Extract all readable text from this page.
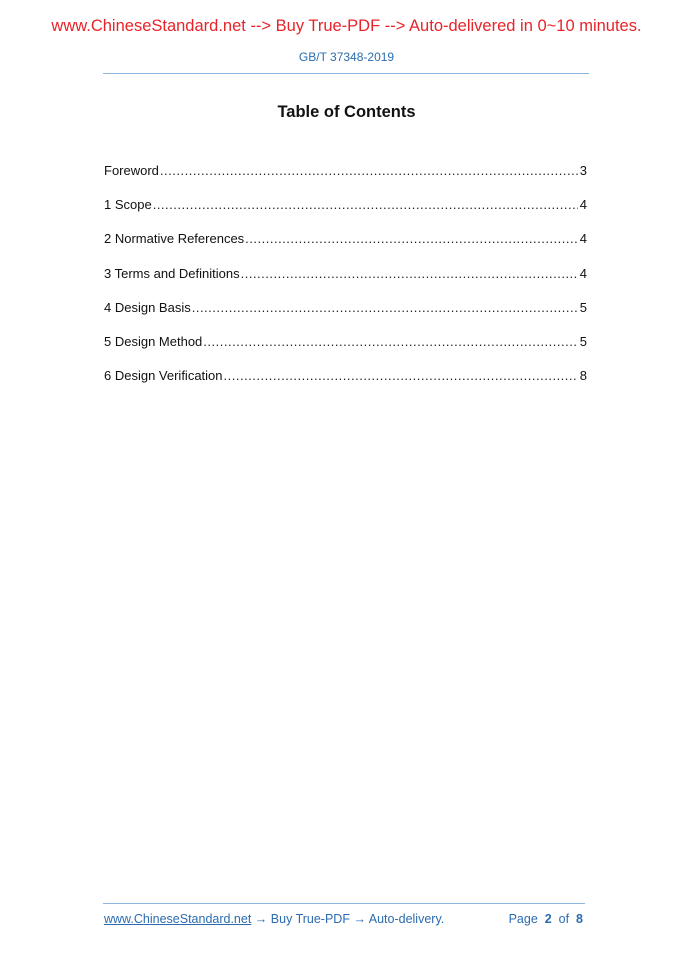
www.ChineseStandard.net --> Buy True-PDF --> Auto-delivered in 0~10 minutes.
GB/T 37348-2019
Table of Contents
Foreword .....	3
1 Scope .....	4
2 Normative References .....	4
3 Terms and Definitions .....	4
4 Design Basis .....	5
5 Design Method .....	5
6 Design Verification .....	8
www.ChineseStandard.net → Buy True-PDF → Auto-delivery.	Page 2 of 8
